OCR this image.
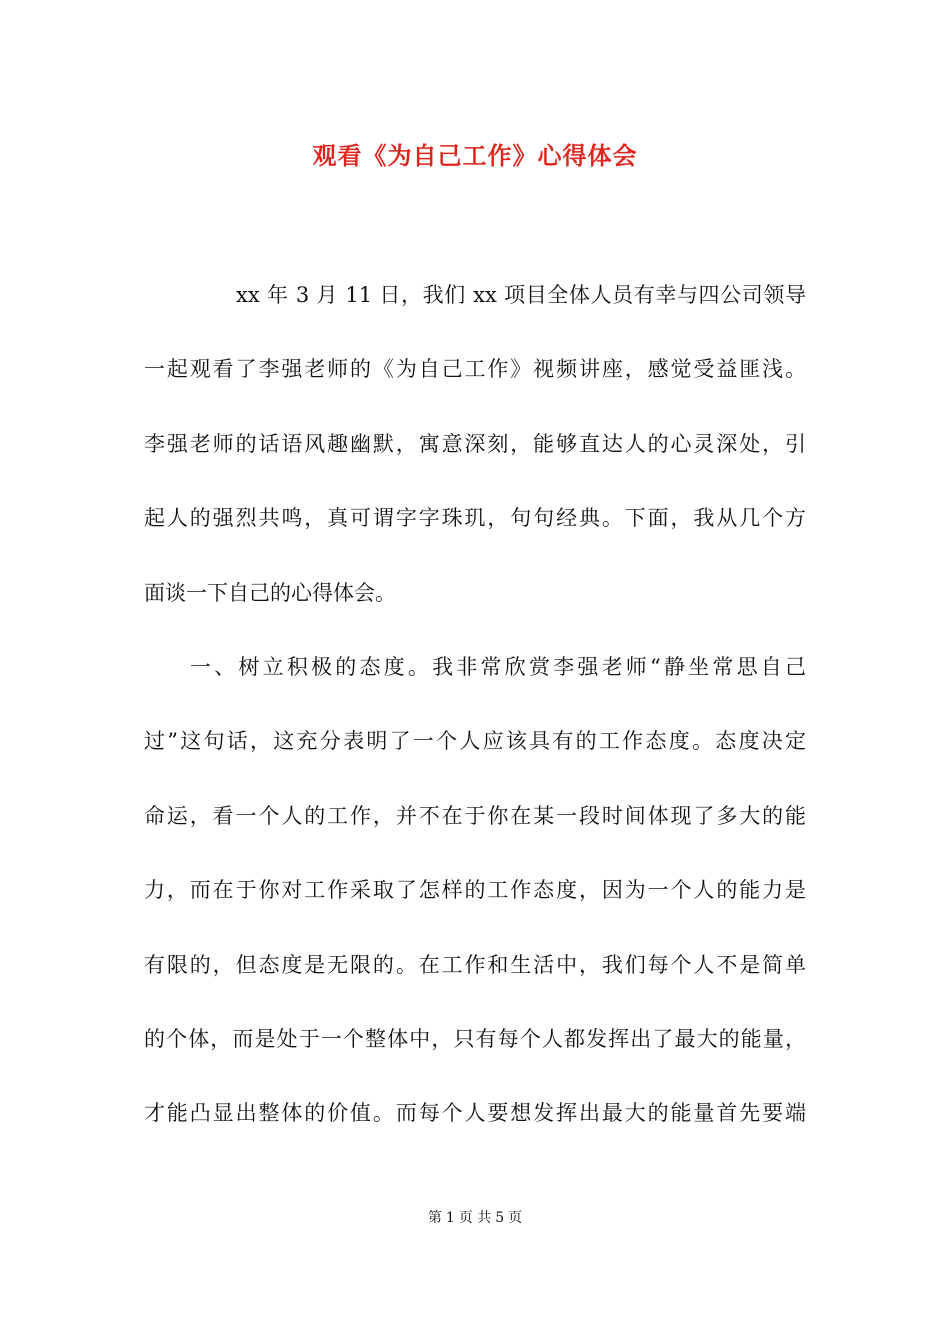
观看《为自己工作》心得体会
xx 年 3 月 11 日，我们 xx 项目全体人员有幸与四公司领导
一起观看了李强老师的《为自己工作》视频讲座，感觉受益匪浅。
李强老师的话语风趣幽默，寓意深刻，能够直达人的心灵深处，引
起人的强烈共鸣，真可谓字字珠玑，句句经典。下面，我从几个方
面谈一下自己的心得体会。
一、树立积极的态度。我非常欣赏李强老师“静坐常思自己
过”这句话，这充分表明了一个人应该具有的工作态度。态度决定
命运，看一个人的工作，并不在于你在某一段时间体现了多大的能
力，而在于你对工作采取了怎样的工作态度，因为一个人的能力是
有限的，但态度是无限的。在工作和生活中，我们每个人不是简单
的个体，而是处于一个整体中，只有每个人都发挥出了最大的能量，
才能凸显出整体的价值。而每个人要想发挥出最大的能量首先要端
第 1 页 共 5 页
